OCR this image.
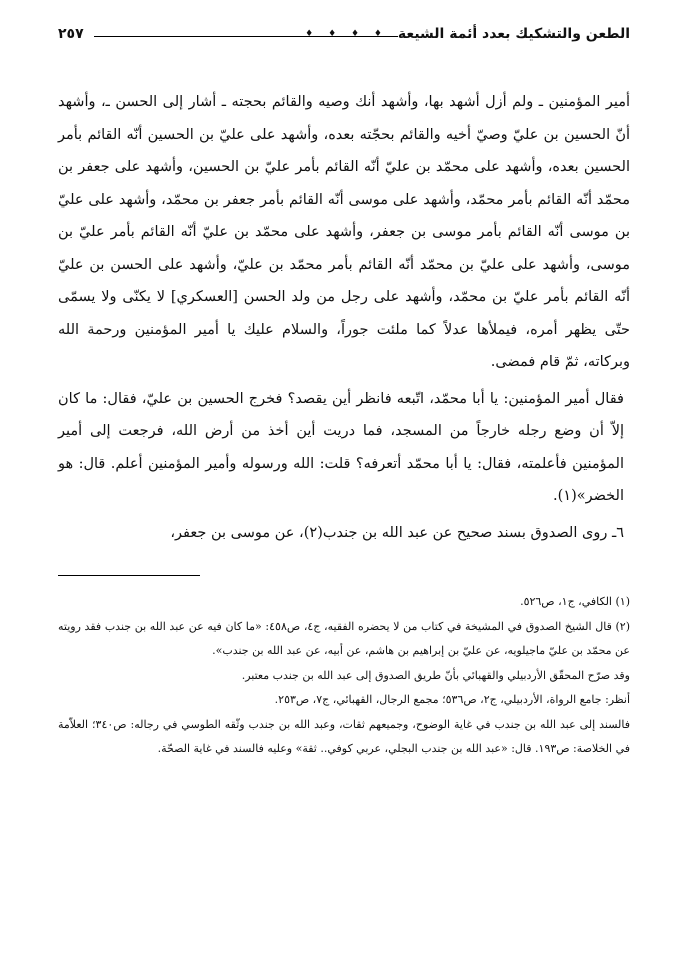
الطعن والتشكيك بعدد أئمة الشيعة
♦ ♦ ♦ ♦
٢٥٧

أمير المؤمنين ـ ولم أزل أشهد بها، وأشهد أنك وصيه والقائم بحجته ـ أشار إلى الحسن ـ، وأشهد أنّ الحسين بن عليّ وصيّ أخيه والقائم بحجّته بعده، وأشهد على عليّ بن الحسين أنّه القائم بأمر الحسين بعده، وأشهد على محمّد بن عليّ أنّه القائم بأمر عليّ بن الحسين، وأشهد على جعفر بن محمّد أنّه القائم بأمر محمّد، وأشهد على موسى أنّه القائم بأمر جعفر بن محمّد، وأشهد على عليّ بن موسى أنّه القائم بأمر موسى بن جعفر، وأشهد على محمّد بن عليّ أنّه القائم بأمر عليّ بن موسى، وأشهد على عليّ بن محمّد أنّه القائم بأمر محمّد بن عليّ، وأشهد على الحسن بن عليّ أنّه القائم بأمر عليّ بن محمّد، وأشهد على رجل من ولد الحسن [العسكري] لا يكنّى ولا يسمّى حتّى يظهر أمره، فيملأها عدلاً كما ملئت جوراً، والسلام عليك يا أمير المؤمنين ورحمة الله وبركاته، ثمّ قام فمضى.

فقال أمير المؤمنين: يا أبا محمّد، اتّبعه فانظر أين يقصد؟ فخرج الحسين بن عليّ، فقال: ما كان إلاّ أن وضع رجله خارجاً من المسجد، فما دريت أين أخذ من أرض الله، فرجعت إلى أمير المؤمنين فأعلمته، فقال: يا أبا محمّد أتعرفه؟ قلت: الله ورسوله وأمير المؤمنين أعلم. قال: هو الخضر»(١).

٦ـ روى الصدوق بسند صحيح عن عبد الله بن جندب(٢)، عن موسى بن جعفر،

(١) الكافي، ج١، ص٥٢٦.

(٢) قال الشيخ الصدوق في المشيخة في كتاب من لا يحضره الفقيه، ج٤، ص٤٥٨: «ما كان فيه عن عبد الله بن جندب فقد رويته عن محمّد بن عليّ ماجيلويه، عن عليّ بن إبراهيم بن هاشم، عن أبيه، عن عبد الله بن جندب».

وقد صرّح المحقّق الأردبيلي والقهبائي بأنّ طريق الصدوق إلى عبد الله بن جندب معتبر.

أنظر: جامع الرواة، الأردبيلي، ج٢، ص٥٣٦؛ مجمع الرجال، القهبائي، ج٧، ص٢٥٣.

فالسند إلى عبد الله بن جندب في غاية الوضوح، وجميعهم ثقات، وعبد الله بن جندب وثّقه الطوسي في رجاله: ص٣٤٠؛ العلاّمة في الخلاصة: ص١٩٣. قال: «عبد الله بن جندب البجلي، عربي كوفي.. ثقة» وعليه فالسند في غاية الصحّة.
